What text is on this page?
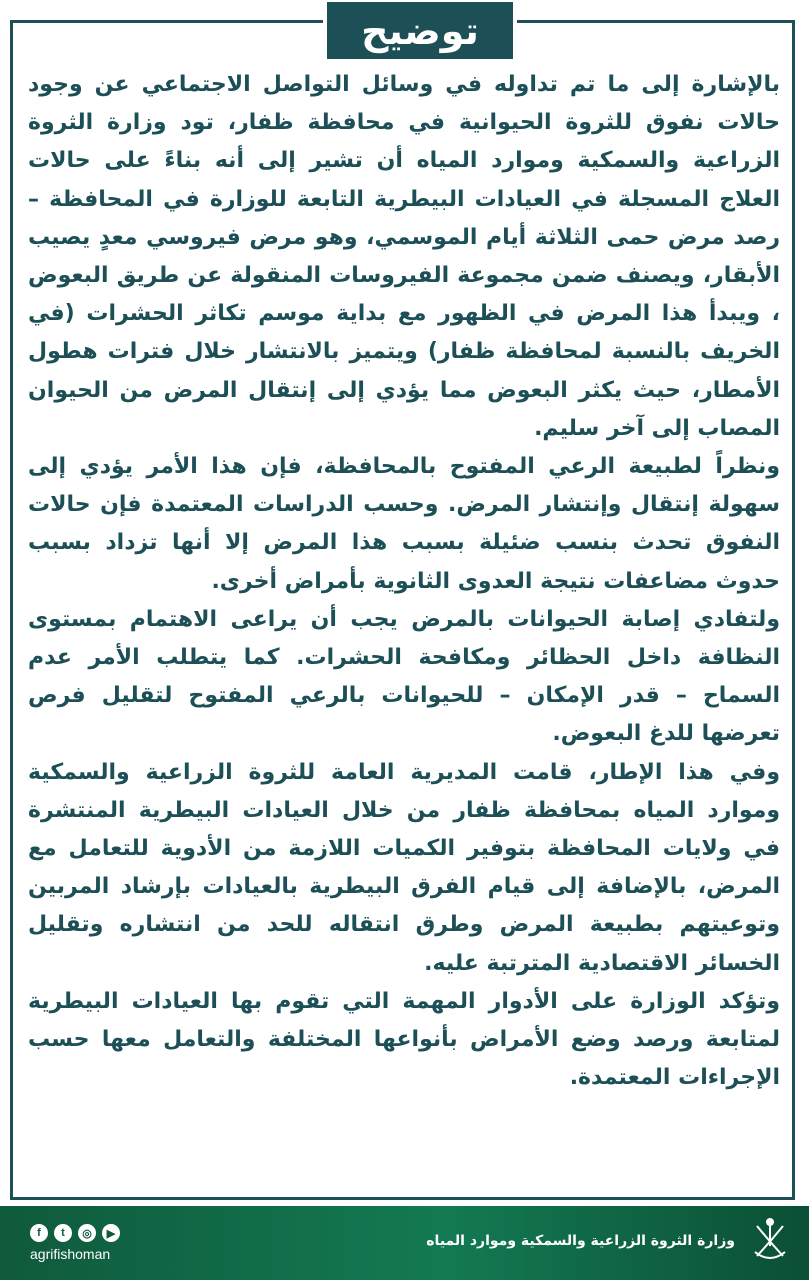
توضيح

بالإشارة إلى ما تم تداوله في وسائل التواصل الاجتماعي عن وجود حالات نفوق للثروة الحيوانية في محافظة ظفار، تود وزارة الثروة الزراعية والسمكية وموارد المياه أن تشير إلى أنه بناءً على حالات العلاج المسجلة في العيادات البيطرية التابعة للوزارة في المحافظة – رصد مرض حمى الثلاثة أيام الموسمي، وهو مرض فيروسي معدٍ يصيب الأبقار، ويصنف ضمن مجموعة الفيروسات المنقولة عن طريق البعوض ، ويبدأ هذا المرض في الظهور مع بداية موسم تكاثر الحشرات (في الخريف بالنسبة لمحافظة ظفار) ويتميز بالانتشار خلال فترات هطول الأمطار، حيث يكثر البعوض مما يؤدي إلى إنتقال المرض من الحيوان المصاب إلى آخر سليم.

ونظراً لطبيعة الرعي المفتوح بالمحافظة، فإن هذا الأمر يؤدي إلى سهولة إنتقال وإنتشار المرض. وحسب الدراسات المعتمدة فإن حالات النفوق تحدث بنسب ضئيلة بسبب هذا المرض إلا أنها تزداد بسبب حدوث مضاعفات نتيجة العدوى الثانوية بأمراض أخرى.

ولتفادي إصابة الحيوانات بالمرض يجب أن يراعى الاهتمام بمستوى النظافة داخل الحظائر ومكافحة الحشرات. كما يتطلب الأمر عدم السماح – قدر الإمكان – للحيوانات بالرعي المفتوح لتقليل فرص تعرضها للدغ البعوض.

وفي هذا الإطار، قامت المديرية العامة للثروة الزراعية والسمكية وموارد المياه بمحافظة ظفار من خلال العيادات البيطرية المنتشرة في ولايات المحافظة بتوفير الكميات اللازمة من الأدوية للتعامل مع المرض، بالإضافة إلى قيام الفرق البيطرية بالعيادات بإرشاد المربين وتوعيتهم بطبيعة المرض وطرق انتقاله للحد من انتشاره وتقليل الخسائر الاقتصادية المترتبة عليه.

وتؤكد الوزارة على الأدوار المهمة التي تقوم بها العيادات البيطرية لمتابعة ورصد وضع الأمراض بأنواعها المختلفة والتعامل معها حسب الإجراءات المعتمدة.

وزارة الثروة الزراعية والسمكية وموارد المياه
f	t	◎	▶
agrifishoman
